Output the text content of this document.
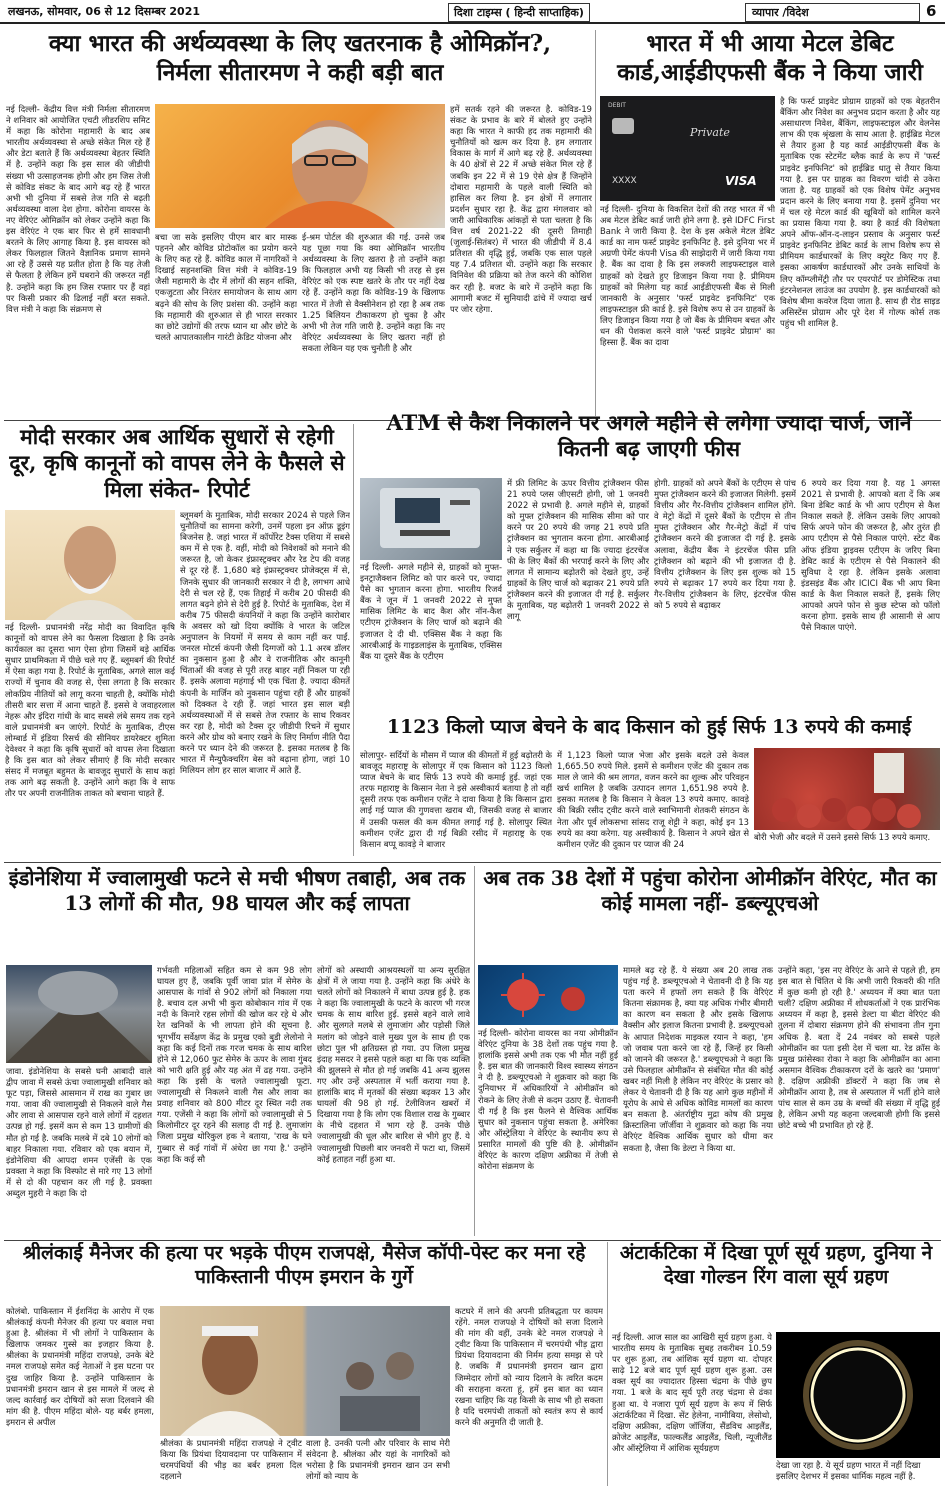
लखनऊ, सोमवार, 06 से 12 दिसम्बर 2021	दिशा टाइम्स ( हिन्दी साप्ताहिक)	व्यापार /विदेश	6
क्या भारत की अर्थव्यवस्था के लिए खतरनाक है ओमिक्रॉन?, निर्मला सीतारमण ने कही बड़ी बात
नई दिल्ली- केंद्रीय वित्त मंत्री निर्मला सीतारमण ने शनिवार को आयोजित एचटी लीडरशिप समिट में कहा कि कोरोना महामारी के बाद अब भारतीय अर्थव्यवस्था से अच्छे संकेत मिल रहे हैं और डेटा बताते हैं कि अर्थव्यवस्था बेहतर स्थिति में है. उन्होंने कहा कि इस साल की जीडीपी संख्या भी उत्साहजनक होगी और हम जिस तेजी से कोविड संकट के बाद आगे बढ़ रहे हैं भारत अभी भी दुनिया में सबसे तेज गति से बढ़ती अर्थव्यवस्था वाला देश होगा. कोरोना वायरस के नए वेरिएंट ओमिक्रॉन को लेकर उन्होंने कहा कि इस वेरिएंट ने एक बार फिर से हमें सावधानी बरतने के लिए आगाह किया है. इस वायरस को लेकर फिलहाल जितने वैज्ञानिक प्रमाण सामने आ रहे हैं उससे यह प्रतीत होता है कि यह तेजी से फैलता है लेकिन हमें घबराने की जरूरत नहीं है. उन्होंने कहा कि हम जिस रफ्तार पर हैं वहां पर किसी प्रकार की ढिलाई नहीं बरत सकते. वित्त मंत्री ने कहा कि संक्रमण से
बचा जा सके इसलिए पीएम बार बार मास्क पहनने और कोविड प्रोटोकॉल का प्रयोग करने के लिए कह रहे हैं. कोविड काल में नागरिकों ने दिखाई सहनशक्ति वित्त मंत्री ने कोविड-19 जैसी महामारी के दौर में लोगों की सहन शक्ति, एकजुटता और निरंतर समायोजन के साथ आग बढ़ने की सोच के लिए प्रशंसा की. उन्होंने कहा कि महामारी की शुरुआत से ही भारत सरकार का छोटे उद्योगों की तरफ ध्यान था और छोटे के चलते आपातकालीन गारंटी क्रेडिट योजना और
ई-श्रम पोर्टल की शुरुआत की गई. उनसे जब यह पूछा गया कि क्या ओमिक्रॉन भारतीय अर्थव्यवस्था के लिए खतरा है तो उन्होंने कहा कि फिलहाल अभी यह किसी भी तरह से इस वेरिएंट को एक स्पष्ट खतरे के तौर पर नहीं देख रहे हैं. उन्होंने कहा कि कोविड-19 के खिलाफ भारत में तेजी से वैक्सीनेशन हो रहा है अब तक 1.25 बिलियन टीकाकरण हो चुका है और अभी भी तेज गति जारी है. उन्होंने कहा कि नए वेरिएंट अर्थव्यवस्था के लिए खतरा नहीं हो सकता लेकिन यह एक चुनौती है और
हमें सतर्क रहने की जरूरत है. कोविड-19 संकट के प्रभाव के बारे में बोलते हुए उन्होंने कहा कि भारत ने काफी हद तक महामारी की चुनौतियों को खत्म कर दिया है. हम लगातार विकास के मार्ग में आगे बढ़ रहे हैं. अर्थव्यवस्था के 40 क्षेत्रों से 22 में अच्छे संकेत मिल रहे हैं जबकि इन 22 में से 19 ऐसे क्षेत्र हैं जिन्होंने दोबारा महामारी के पहले वाली स्थिति को हासिल कर लिया है. इन क्षेत्रों में लगातार प्रदर्शन सुधार रहा है. केंद्र द्वारा मंगलवार को जारी आधिकारिक आंकड़ों से पता चलता है कि वित्त वर्ष 2021-22 की दूसरी तिमाही (जुलाई-सितंबर) में भारत की जीडीपी में 8.4 प्रतिशत की वृद्धि हुई, जबकि एक साल पहले यह 7.4 प्रतिशत थी. उन्होंने कहा कि सरकार विनिवेश की प्रक्रिया को तेज करने की कोशिश कर रही है. बजट के बारे में उन्होंने कहा कि आगामी बजट में सुनियादी ढांचे में ज्यादा खर्च पर जोर रहेगा.
भारत में भी आया मेटल डेबिट कार्ड,आईडीएफसी बैंक ने किया जारी
DEBIT
Private
XXXX	VISA
नई दिल्ली- दुनिया के विकसित देशों की तरह भारत में भी अब मेटल डेबिट कार्ड जारी होने लगा है. इसे IDFC First Bank ने जारी किया है. देश के इस अकेले मेटल डेबिट कार्ड का नाम फर्स्ट प्राइवेट इनफिनिट है. इसे दुनिया भर में अग्रणी पेमेंट कंपनी Visa की साझेदारी में जारी किया गया है. बैंक का दावा है कि इस लक्जरी लाइफस्टाइल वाले ग्राहकों को देखते हुए डिजाइन किया गया है. प्रीमियम ग्राहकों को मिलेगा यह कार्ड आईडीएफसी बैंक से मिली जानकारी के अनुसार 'फर्स्ट प्राइवेट इनफिनिट' एक लाइफस्टाइल फ्री कार्ड है. इसे विशेष रूप से उन ग्राहकों के लिए डिजाइन किया गया है जो बैंक के प्रीमियम बचत और धन की पेशकश करने वाले 'फर्स्ट प्राइवेट प्रोग्राम' का हिस्सा हैं. बैंक का दावा
है कि फर्स्ट प्राइवेट प्रोग्राम ग्राहकों को एक बेहतरीन बैंकिंग और निवेश का अनुभव प्रदान करता है और यह असाधारण निवेश, बैंकिंग, लाइफस्टाइल और वेलनेस लाभ की एक श्रृंखला के साथ आता है. हाईब्रिड मेटल से तैयार हुआ है यह कार्ड आईडीएफसी बैंक के मुताबिक एक स्टेटमेंट ब्लैक कार्ड के रूप में 'फर्स्ट प्राइवेट इनफिनिट' को हाईब्रिड धातु से तैयार किया गया है. इस पर ग्राहक का विवरण चांदी से उकेरा जाता है. यह ग्राहकों को एक विशेष पेमेंट अनुभव प्रदान करने के लिए बनाया गया है. इसमें दुनिया भर में चल रहे मेटल कार्ड की खूबियों को शामिल करने का प्रयास किया गया है. क्या है कार्ड की विशेषता अपने ऑफ-ऑन-द-लाइन प्रस्ताव के अनुसार फर्स्ट प्राइवेट इनफिनिट डेबिट कार्ड के लाभ विशेष रूप से प्रीमियम कार्डधारकों के लिए क्यूरेट किए गए हैं. इसका आकर्षण कार्डधारकों और उनके साथियों के लिए कॉम्प्लीमेंट्री तौर पर एयरपोर्ट पर डोमेस्टिक तथा इंटरनेशनल लाउंज का उपयोग है. इस कार्डधारकों को विशेष बीमा कवरेज दिया जाता है. साथ ही रोड साइड असिस्टेंस प्रोग्राम और पूरे देश में गोल्फ कोर्स तक पहुंच भी शामिल है.
मोदी सरकार अब आर्थिक सुधारों से रहेगी दूर, कृषि कानूनों को वापस लेने के फैसले से मिला संकेत- रिपोर्ट
नई दिल्ली- प्रधानमंत्री नरेंद्र मोदी का विवादित कृषि कानूनों को वापस लेने का फैसला दिखाता है कि उनके कार्यकाल का दूसरा भाग ऐसा होगा जिसमें बड़े आर्थिक सुधार प्राथमिकता में पीछे चले गए हैं. ब्लूमबर्ग की रिपोर्ट में ऐसा कहा गया है. रिपोर्ट के मुताबिक, अगले साल कई राज्यों में चुनाव की वजह से, ऐसा लगता है कि सरकार लोकप्रिय नीतियों को लागू करना चाहती है, क्योंकि मोदी तीसरी बार सत्ता में आना चाहते हैं. इससे वे जवाहरलाल नेहरू और इंदिरा गांधी के बाद सबसे लंबे समय तक रहने वाले प्रधानमंत्री बन जाएंगे. रिपोर्ट के मुताबिक, टीएस लोम्बार्ड में इंडिया रिसर्च की सीनियर डायरेक्टर शुमिता देवेश्वर ने कहा कि कृषि सुधारों को वापस लेना दिखाता है कि इस बात को लेकर सीमाएं हैं कि मोदी सरकार संसद में मजबूत बहुमत के बावजूद सुधारों के साथ कहां तक आगे बढ़ सकती है. उन्होंने आगे कहा कि वे साफ तौर पर अपनी राजनीतिक ताकत को बचाना चाहते हैं.
ब्लूमबर्ग के मुताबिक, मोदी सरकार 2024 से पहले जिन चुनौतियों का सामना करेगी, उनमें पहला इन ऑफ़ डूइंग बिजनेस है. जहां भारत में कॉर्पोरेट टैक्स एशिया में सबसे कम में से एक है. वहीं, मोदी को निवेशकों को मनाने की जरूरत है, जो केकर इंफ्रास्ट्रक्चर और रेड टेप की वजह से दूर रहे हैं. 1,680 बड़े इंफ्रास्ट्रक्चर प्रोजेक्ट्स में से, जिनके सुधार की जानकारी सरकार ने दी है, लगभग आधे देरी से चल रहे हैं, एक तिहाई में करीब 20 फीसदी की लागत बढ़ने होने से देरी हुई है. रिपोर्ट के मुताबिक, देश में करीब 75 फीसदी कंपनियों ने कहा कि उन्होंने कारोबार के अवसर को खो दिया क्योंकि वे भारत के जटिल अनुपालन के नियमों में समय से काम नहीं कर पाईं. जनरल मोटर्स कंपनी जैसी दिग्गजों को 1.1 अरब डॉलर का नुकसान हुआ है और वे राजनीतिक और कानूनी चिंताओं की वजह से पूरी तरह बाहर नहीं निकल पा रही हैं. इसके अलावा महंगाई भी एक चिंता है. ज्यादा कीमतें कंपनी के मार्जिन को नुकसान पहुंचा रही हैं और ग्राहकों को दिक्कत दे रही हैं. जहां भारत इस साल बड़ी अर्थव्यवस्थाओं में से सबसे तेज रफ्तार के साथ रिकवर कर रहा है, मोदी को टैक्स दूर जीडीपी रिचने में सुधार करने और ग्रोथ को बनाए रखने के लिए निर्माण नीति पैदा करने पर ध्यान देने की जरूरत है. इसका मतलब है कि भारत में मैन्युफैक्चरिंग बेस को बढ़ाना होगा, जहां 10 मिलियन लोग हर साल बाजार में आते हैं.
ATM से कैश निकालने पर अगले महीने से लगेगा ज्यादा चार्ज, जानें कितनी बढ़ जाएगी फीस
नई दिल्ली- अगले महीने से, ग्राहकों को मुफ्त-इनट्राजैक्शन लिमिट को पार करने पर, ज्यादा पैसे का भुगतान करना होगा. भारतीय रिजर्व बैंक ने जून में 1 जनवरी 2022 से मुफ्त मासिक लिमिट के बाद कैश और नॉन-कैश एटीएम ट्रांजैक्शन के लिए चार्ज को बढ़ाने की इजाजत दे दी थी. एक्सिस बैंक ने कहा कि आरबीआई के गाइडलाइंस के मुताबिक, एक्सिस बैंक या दूसरे बैंक के एटीएम
में फ्री लिमिट के ऊपर वित्तीय ट्रांजैक्शन फीस 21 रुपये प्लस जीएसटी होगी, जो 1 जनवरी 2022 से प्रभावी है. अगले महीने से, ग्राहकों को मुफ्त ट्रांजैक्शन की मासिक सीमा को पार करने पर 20 रुपये की जगह 21 रुपये प्रति ट्रांजैक्शन का भुगतान करना होगा. आरबीआई ने एक सर्कुलर में कहा था कि ज्यादा इंटरचेंज फी के लिए बैंकों की भरपाई करने के लिए और लागत में सामान्य बढ़ोतरी को देखते हुए, उन्हें ग्राहकों के लिए चार्ज को बढ़ाकर 21 रुपये प्रति ट्रांजैक्शन करने की इजाजत दी गई है. सर्कुलर के मुताबिक, यह बढ़ोतरी 1 जनवरी 2022 से लागू
होगी. ग्राहकों को अपने बैंकों के एटीएम से पांच मुफ्त ट्रांजैक्शन करने की इजाजत मिलेगी. इसमें वित्तीय और गैर-वित्तीय ट्रांजैक्शन शामिल होंगे. वे मेट्रो केंद्रों में दूसरे बैंकों के एटीएम से तीन मुफ्त ट्रांजैक्शन और गैर-मेट्रो केंद्रों में पांच ट्रांजैक्शन करने की इजाजत दी गई है. इसके अलावा, केंद्रीय बैंक ने इंटरचेंज फीस प्रति ट्रांजैक्शन को बढ़ाने की भी इजाजत दी है. वित्तीय ट्रांजैक्शन के लिए इस शुल्क को 15 रुपये से बढ़ाकर 17 रुपये कर दिया गया है. गैर-वित्तीय ट्रांजैक्शन के लिए, इंटरचेंज फीस को 5 रुपये से बढ़ाकर
6 रुपये कर दिया गया है. यह 1 अगस्त 2021 से प्रभावी है. आपको बता दें कि अब बिना डेबिट कार्ड के भी आप एटीएम से कैश निकाल सकते हैं. लेकिन उसके लिए आपको सिर्फ अपने फोन की जरूरत है, और तुरंत ही आप एटीएम से पैसे निकाल पाएंगे. स्टेट बैंक ऑफ इंडिया ड्राइवस एटीएम के जरिए बिना डेबिट कार्ड के एटीएम से पैसे निकालने की सुविधा दे रहा है. लेकिन इसके अलावा इंडसइंड बैंक और ICICI बैंक भी आप बिना कार्ड के कैश निकाल सकते हैं, इसके लिए आपको अपने फोन से कुछ स्टेप्स को फॉलो करना होगा. इसके साथ ही आसानी से आप पैसे निकाल पाएंगे.
1123 किलो प्याज बेचने के बाद किसान को हुई सिर्फ 13 रुपये की कमाई
सोलापुर- सर्दियों के मौसम में प्याज की कीमतों में हुई बढ़ोतरी के बावजूद महाराष्ट्र के सोलापुर में एक किसान को 1123 किलो प्याज बेचने के बाद सिर्फ 13 रुपये की कमाई हुई. जहां एक तरफ महाराष्ट्र के किसान नेता ने इसे अस्वीकार्य बताया है तो वहीं दूसरी तरफ एक कमीशन एजेंट ने दावा किया है कि किसान द्वारा लाई गई प्याज की गुणवत्ता खराब थी, जिसकी वजह से बाजार में उसकी फसल की कम कीमत लगाई गई है. सोलापुर स्थित कमीशन एजेंट द्वारा दी गई बिक्री रसीद में महाराष्ट्र के एक किसान बप्पू कावड़े ने बाजार
में 1,123 किलो प्याज भेजा और इसके बदले उसे केवल 1,665.50 रुपये मिले. इसमें से कमीशन एजेंट की दुकान तक माल ले जाने की श्रम लागत, वजन करने का शुल्क और परिवहन खर्च शामिल है जबकि उत्पादन लागत 1,651.98 रुपये है. इसका मतलब है कि किसान ने केवल 13 रुपये कमाए. कावड़े की बिक्री रसीद ट्वीट करने वाले स्वाभिमानी शेतकरी संगठन के नेता और पूर्व लोकसभा सांसद राजू शेट्टी ने कहा, कोई इन 13 रुपये का क्या करेगा. यह अस्वीकार्य है. किसान ने अपने खेत से कमीशन एजेंट की दुकान पर प्याज की 24
बोरी भेजी और बदले में उसने इससे सिर्फ 13 रुपये कमाए.
इंडोनेशिया में ज्वालामुखी फटने से मची भीषण तबाही, अब तक 13 लोगों की मौत, 98 घायल और कई लापता
जावा. इंडोनेशिया के सबसे घनी आबादी वाले द्वीप जावा में सबसे ऊंचा ज्वालामुखी शनिवार को फूट पड़ा, जिससे आसमान में राख का गुबार छा गया. जावा की ज्वालामुखी से निकलने वाले गैस और लावा से आसपास रहने वाले लोगों में दहशत उत्पन्न हो गई. इसमें कम से कम 13 ग्रामीणों की मौत हो गई है. जबकि मलबे में दबे 10 लोगों को बाहर निकाला गया. रविवार को एक बयान में, इंडोनेशिया की आपदा शमन एजेंसी के एक प्रवक्ता ने कहा कि विस्फोट से मारे गए 13 लोगों में से दो की पहचान कर ली गई है. प्रवक्ता अब्दुल मुहरी ने कहा कि दो
गर्भवती महिलाओं सहित कम से कम 98 लोग घायल हुए हैं, जबकि पूर्वी जावा प्रांत में सेमेरु के आसपास के गांवों से 902 लोगों को निकाला गया है. बचाव दल अभी भी कुरा कोबोकान गांव में एक नदी के किनारे रहस लोगों की खोज कर रहे थे और रेत खनिकों के भी लापता होने की सूचना है. भूगर्भीय सर्वेक्षण केंद्र के प्रमुख एको बुडी लेलोनो ने कहा कि कई दिनों तक गरज चमक के साथ बारिश होने से 12,060 फुट सेमेरु के ऊपर के लावा गुंबद को भारी क्षति हुई और यह अंत में ढह गया. उन्होंने कहा कि इसी के चलते ज्वालामुखी फूटा. ज्वालामुखी से निकलने वाली गैस और लावा का प्रवाह शनिवार को 800 मीटर दूर स्थित नदी तक गया. एजेंसी ने कहा कि लोगों को ज्वालामुखी से 5 किलोमीटर दूर रहने की सलाह दी गई है. लुमाजांग जिला प्रमुख थोरिकुल हक ने बताया, 'राख के घने गुब्बार से कई गांवों में अंधेरा छा गया है.' उन्होंने कहा कि कई सौ
लोगों को अस्थायी आश्रयस्थलों या अन्य सुरक्षित क्षेत्रों में ले जाया गया है. उन्होंने कहा कि अंधेरे के चलते लोगों को निकालने में बाधा उत्पन्न हुई है. हक ने कहा कि ज्वालामुखी के फटने के कारण भी गरज चमक के साथ बारिश हुई. इससे बहने वाले लावे और सुलगते मलबे से लुमाजांग और पड़ोसी जिले मलांग को जोड़ने वाले मुख्य पुल के साथ ही एक छोटा पुल भी क्षतिग्रस्त हो गया. उप जिला प्रमुख इंदाह मसदर ने इससे पहले कहा था कि एक व्यक्ति की झुलसने से मौत हो गई जबकि 41 अन्य झुलस गए और उन्हें अस्पताल में भर्ती कराया गया है. हालांकि बाद में मृतकों की संख्या बढ़कर 13 और घायलों की 98 हो गई. टेलीविजन खबरों में दिखाया गया है कि लोग एक विशाल राख के गुब्बार के नीचे दहशत में भाग रहे हैं. उनके पीछे ज्वालामुखी की धूल और बारिश से भीगे हुए हैं. ये ज्वालामुखी पिछली बार जनवरी में फटा था, जिसमें कोई हताहत नहीं हुआ था.
अब तक 38 देशों में पहुंचा कोरोना ओमीक्रॉन वेरिएंट, मौत का कोई मामला नहीं- डब्ल्यूएचओ
नई दिल्ली- कोरोना वायरस का नया ओमीक्रॉन वेरिएंट दुनिया के 38 देशों तक पहुंच गया है. हालांकि इससे अभी तक एक भी मौत नहीं हुई है. इस बात की जानकारी विश्व स्वास्थ्य संगठन ने दी है. डब्ल्यूएचओ ने शुक्रवार को कहा कि दुनियाभर में अधिकारियों ने ओमीक्रॉन को रोकने के लिए तेजी से कदम उठाए हैं. चेतावनी दी गई है कि इस फैलने से वैश्विक आर्थिक सुधार को नुकसान पहुंचा सकता है. अमेरिका और ऑस्ट्रेलिया ने वेरिएंट के स्थानीय रूप से प्रसारित मामलों की पुष्टि की है. ओमीक्रॉन वेरिएंट के कारण दक्षिण अफ्रीका में तेजी से कोरोना संक्रमण के
मामले बढ़ रहे हैं. ये संख्या अब 20 लाख तक पहुंच गई है. डब्ल्यूएचओ ने चेतावनी दी है कि यह पता करने में हफ्तों लग सकते हैं कि वेरिएंट कितना संक्रामक है, क्या यह अधिक गंभीर बीमारी का कारण बन सकता है और इसके खिलाफ वैक्सीन और इलाज कितना प्रभावी है. डब्ल्यूएचओ के आपात निदेशक माइकल रयान ने कहा, 'हम जो जवाब पता करने जा रहे हैं, जिन्हें हर किसी को जानने की जरूरत है.' डब्ल्यूएचओ ने कहा कि उसे फिलहाल ओमीक्रॉन से संबंधित मौत की कोई खबर नहीं मिली है लेकिन नए वेरिएंट के प्रसार को लेकर ये चेतावनी दी है कि यह आगे कुछ महीनों में यूरोप के आधे से अधिक कोविड मामलों का कारण बन सकता है. अंतर्राष्ट्रीय मुद्रा कोष की प्रमुख क्रिस्टालिना जॉर्जीवा ने शुक्रवार को कहा कि नया वेरिएंट वैश्विक आर्थिक सुधार को धीमा कर सकता है, जैसा कि डेल्टा ने किया था.
उन्होंने कहा, 'इस नए वेरिएंट के आने से पहले ही, हम इस बात से चिंतित थे कि अभी जारी रिकवरी की गति में कुछ कमी हो रही है.' अध्ययन में क्या बात पता चली? दक्षिण अफ्रीका में शोधकर्ताओं ने एक प्रारंभिक अध्ययन में कहा है, इससे डेल्टा या बीटा वेरिएंट की तुलना में दोबारा संक्रमण होने की संभावना तीन गुना अधिक है. बता दें 24 नवंबर को सबसे पहले ओमीक्रॉन का पता इसी देश में चला था. रेड क्रॉस के प्रमुख फ्रांसेस्का रोका ने कहा कि ओमीक्रॉन का आना असमान वैश्विक टीकाकरण दरों के खतरे का 'प्रमाण' है. दक्षिण अफ्रीकी डॉक्टरों ने कहा कि जब से ओमीक्रॉन आया है, तब से अस्पताल में भर्ती होने वाले पांच साल से कम उम्र के बच्चों की संख्या में वृद्धि हुई है, लेकिन अभी यह कहना जल्दबाजी होगी कि इससे छोटे बच्चे भी प्रभावित हो रहे हैं.
श्रीलंकाई मैनेजर की हत्या पर भड़के पीएम राजपक्षे, मैसेज कॉपी-पेस्ट कर मना रहे पाकिस्तानी पीएम इमरान के गुर्गे
कोलंबो. पाकिस्तान में ईशनिंदा के आरोप में एक श्रीलंकाई कंपनी मैनेजर की हत्या पर बवाल मचा हुआ है. श्रीलंका में भी लोगों ने पाकिस्तान के खिलाफ जमकर गुस्से का इजहार किया है. श्रीलंका के प्रधानमंत्री महिंदा राजपक्षे, उनके बेटे नमल राजपक्षे समेत कई नेताओं ने इस घटना पर दुख जाहिर किया है. उन्होंने पाकिस्तान के प्रधानमंत्री इमरान खान से इस मामले में जल्द से जल्द कार्रवाई कर दोषियों को सजा दिलवाने की मांग की है. पीएम महिंदा बोले- यह बर्बर हमला, इमरान से अपील
श्रीलंका के प्रधानमंत्री महिंदा राजपक्षे ने ट्वीट किया कि प्रियंथा दियावदाना पर पाकिस्तान में चरमपंथियों की भीड़ का बर्बर हमला दिल दहलाने
वाला है. उनकी पत्नी और परिवार के साथ मेरी संवेदना है. श्रीलंका और यहां के नागरिकों को भरोसा है कि प्रधानमंत्री इमरान खान उन सभी लोगों को न्याय के
कटघरे में लाने की अपनी प्रतिबद्धता पर कायम रहेंगे. नमल राजपक्षे ने दोषियों को सजा दिलाने की मांग की वहीं, उनके बेटे नमल राजपक्षे ने ट्वीट किया कि पाकिस्तान में चरमपंथी भीड़ द्वारा प्रियंथा दियावदाना की निर्मम हत्या समझ से परे है. जबकि मैं प्रधानमंत्री इमरान खान द्वारा जिम्मेदार लोगों को न्याय दिलाने के त्वरित कदम की सराहना करता हूं, हमें इस बात का ध्यान रखना चाहिए कि यह किसी के साथ भी हो सकता है यदि चरमपंथी ताकतों को स्वतंत्र रूप से कार्य करने की अनुमति दी जाती है.
अंटार्कटिका में दिखा पूर्ण सूर्य ग्रहण, दुनिया ने देखा गोल्डन रिंग वाला सूर्य ग्रहण
नई दिल्ली. आज साल का आखिरी सूर्य ग्रहण हुआ. ये भारतीय समय के मुताबिक सुबह तकरीबन 10.59 पर शुरू हुआ, तब आंशिक सूर्य ग्रहण था. दोपहर साढ़े 12 बजे बाद पूर्ण सूर्य ग्रहण शुरू हुआ. उस वक्त सूर्य का ज्यादातर हिस्सा चंद्रमा के पीछे छुप गया. 1 बजे के बाद सूर्य पूरी तरह चंद्रमा से ढंका हुआ था. ये नजारा पूर्ण सूर्य ग्रहण के रूप में सिर्फ अंटार्कटिका में दिखा. सेंट हेलेना, नामीबिया, लेसोथो, दक्षिण अफ्रीका, दक्षिण जॉर्जिया, सैंडविच आइलैंड, क्रोजेट आइलैंड, फाल्कलैंड आइलैंड, चिली, न्यूजीलैंड और ऑस्ट्रेलिया में आंशिक सूर्यग्रहण
देखा जा रहा है. ये सूर्य ग्रहण भारत में नहीं दिखा इसलिए देशभर में इसका धार्मिक महत्व नहीं है.
